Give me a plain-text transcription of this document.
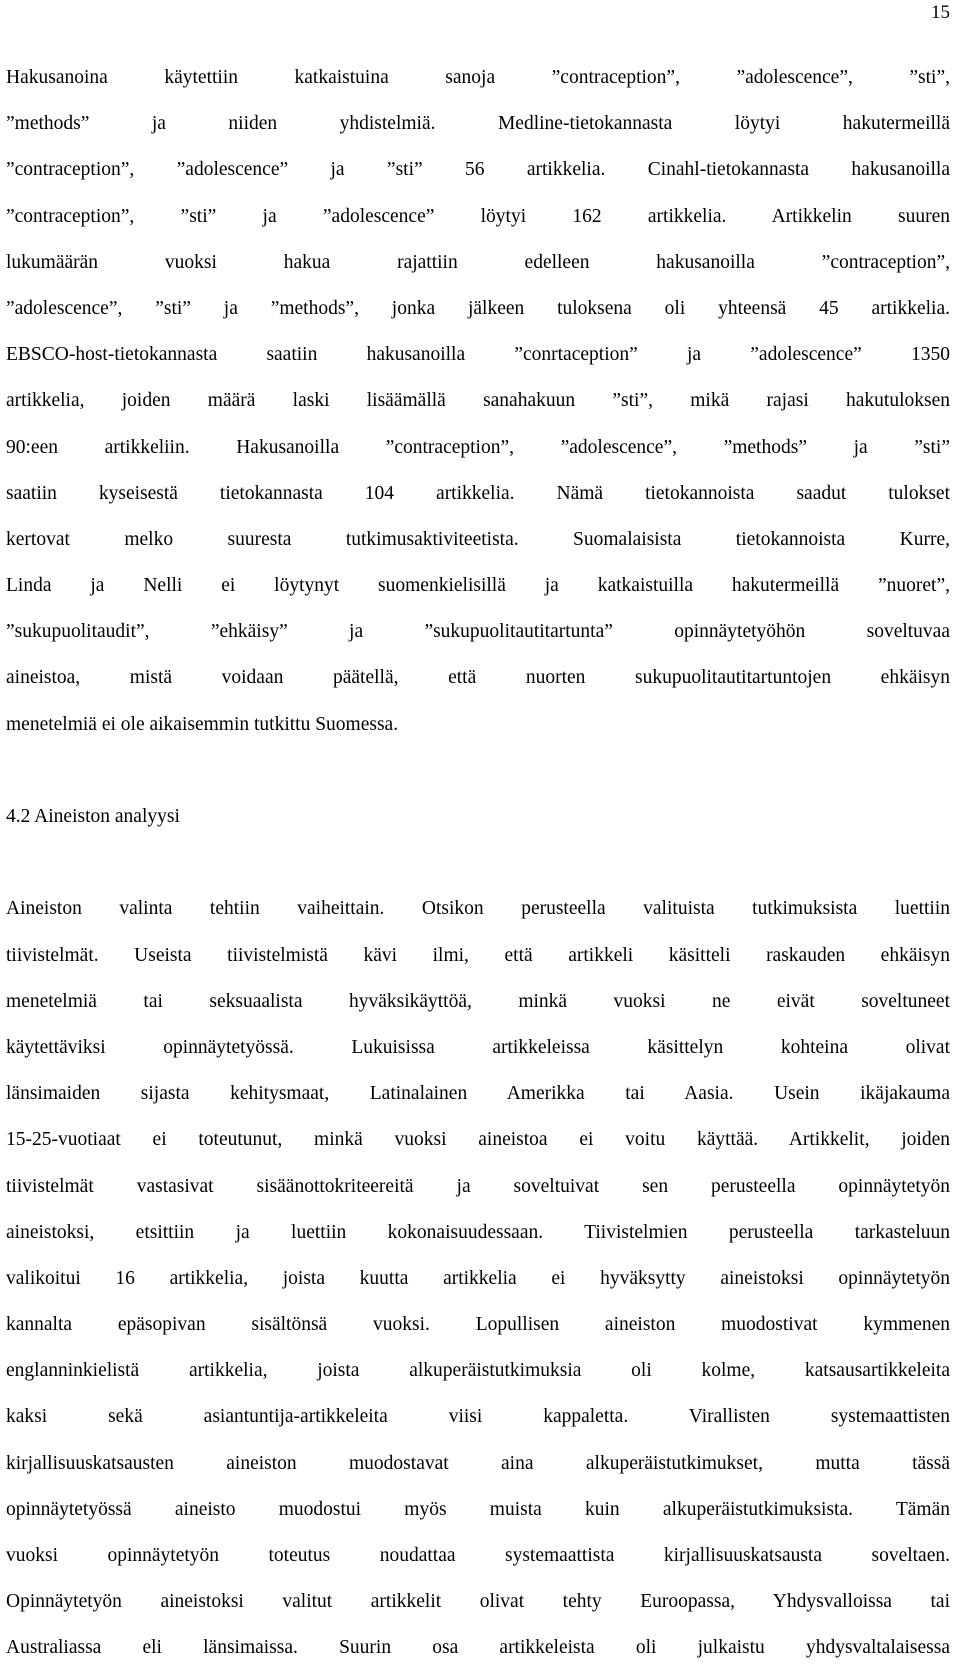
15
Hakusanoina käytettiin katkaistuina sanoja ”contraception”, ”adolescence”, ”sti”,
”methods” ja niiden yhdistelmiä. Medline-tietokannasta löytyi hakutermeillä
”contraception”, ”adolescence” ja ”sti” 56 artikkelia. Cinahl-tietokannasta hakusanoilla
”contraception”, ”sti” ja ”adolescence” löytyi 162 artikkelia. Artikkelin suuren
lukumäärän vuoksi hakua rajattiin edelleen hakusanoilla ”contraception”,
”adolescence”, ”sti” ja ”methods”, jonka jälkeen tuloksena oli yhteensä 45 artikkelia.
EBSCO-host-tietokannasta saatiin hakusanoilla ”conrtaception” ja ”adolescence” 1350
artikkelia, joiden määrä laski lisäämällä sanahakuun ”sti”, mikä rajasi hakutuloksen
90:een artikkeliin. Hakusanoilla ”contraception”, ”adolescence”, ”methods” ja ”sti”
saatiin kyseisestä tietokannasta 104 artikkelia. Nämä tietokannoista saadut tulokset
kertovat melko suuresta tutkimusaktiviteetista. Suomalaisista tietokannoista Kurre,
Linda ja Nelli ei löytynyt suomenkielisillä ja katkaistuilla hakutermeillä ”nuoret”,
”sukupuolitaudit”, ”ehkäisy” ja ”sukupuolitautitartunta” opinnäytetyöhön soveltuvaa
aineistoa, mistä voidaan päätellä, että nuorten sukupuolitautitartuntojen ehkäisyn
menetelmiä ei ole aikaisemmin tutkittu Suomessa.
4.2 Aineiston analyysi
Aineiston valinta tehtiin vaiheittain. Otsikon perusteella valituista tutkimuksista luettiin
tiivistelmät. Useista tiivistelmistä kävi ilmi, että artikkeli käsitteli raskauden ehkäisyn
menetelmiä tai seksuaalista hyväksikäyttöä, minkä vuoksi ne eivät soveltuneet
käytettäviksi opinnäytetyössä. Lukuisissa artikkeleissa käsittelyn kohteina olivat
länsimaiden sijasta kehitysmaat, Latinalainen Amerikka tai Aasia. Usein ikäjakauma
15-25-vuotiaat ei toteutunut, minkä vuoksi aineistoa ei voitu käyttää. Artikkelit, joiden
tiivistelmät vastasivat sisäänottokriteereitä ja soveltuivat sen perusteella opinnäytetyön
aineistoksi, etsittiin ja luettiin kokonaisuudessaan. Tiivistelmien perusteella tarkasteluun
valikoitui 16 artikkelia, joista kuutta artikkelia ei hyväksytty aineistoksi opinnäytetyön
kannalta epäsopivan sisältönsä vuoksi. Lopullisen aineiston muodostivat kymmenen
englanninkielistä artikkelia, joista alkuperäistutkimuksia oli kolme, katsausartikkeleita
kaksi sekä asiantuntija-artikkeleita viisi kappaletta. Virallisten systemaattisten
kirjallisuuskatsausten aineiston muodostavat aina alkuperäistutkimukset, mutta tässä
opinnäytetyössä aineisto muodostui myös muista kuin alkuperäistutkimuksista. Tämän
vuoksi opinnäytetyön toteutus noudattaa systemaattista kirjallisuuskatsausta soveltaen.
Opinnäytetyön aineistoksi valitut artikkelit olivat tehty Euroopassa, Yhdysvalloissa tai
Australiassa eli länsimaissa. Suurin osa artikkeleista oli julkaistu yhdysvaltalaisessa
